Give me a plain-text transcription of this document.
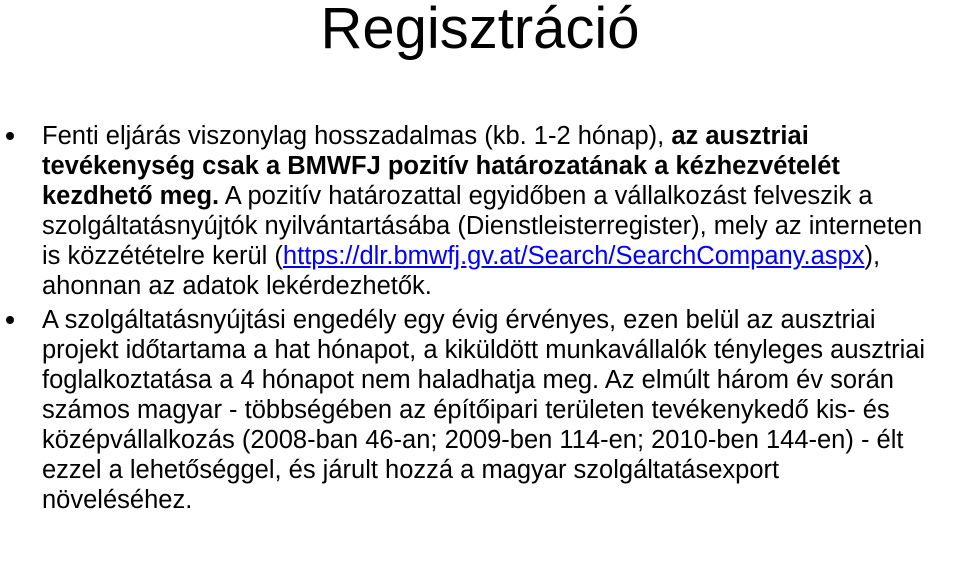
Regisztráció
Fenti eljárás viszonylag hosszadalmas (kb. 1-2 hónap), az ausztriai tevékenység csak a BMWFJ pozitív határozatának a kézhezvételét kezdhető meg. A pozitív határozattal egyidőben a vállalkozást felveszik a szolgáltatásnyújtók nyilvántartásába (Dienstleisterregister), mely az interneten is közzétételre kerül (https://dlr.bmwfj.gv.at/Search/SearchCompany.aspx), ahonnan az adatok lekérdezhetők.
A szolgáltatásnyújtási engedély egy évig érvényes, ezen belül az ausztriai projekt időtartama a hat hónapot, a kiküldött munkavállalók tényleges ausztriai foglalkoztatása a 4 hónapot nem haladhatja meg. Az elmúlt három év során számos magyar - többségében az építőipari területen tevékenykedő kis- és középvállalkozás (2008-ban 46-an; 2009-ben 114-en; 2010-ben 144-en) - élt ezzel a lehetőséggel, és járult hozzá a magyar szolgáltatásexport növeléséhez.
